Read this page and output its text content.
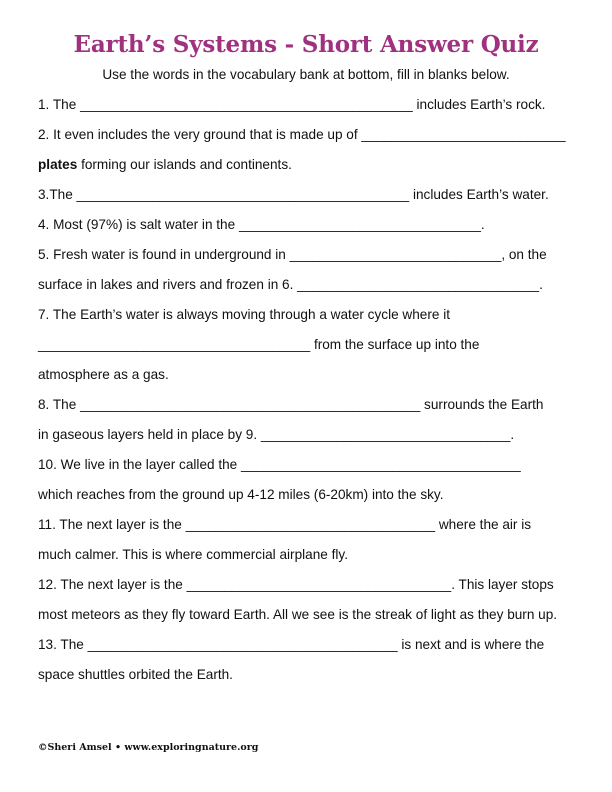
Earth’s Systems - Short Answer Quiz
Use the words in the vocabulary bank at bottom, fill in blanks below.
1. The ____________________________________________ includes Earth’s rock.
2. It even includes the very ground that is made up of ___________________________
plates forming our islands and continents.
3.The ____________________________________________ includes Earth’s water.
4. Most (97%) is salt water in the ________________________________.
5. Fresh water is found in underground in ____________________________, on the
surface in lakes and rivers and frozen in 6. ________________________________.
7. The Earth’s water is always moving through a water cycle where it
____________________________________ from the surface up into the
atmosphere as a gas.
8. The _____________________________________________ surrounds the Earth
in gaseous layers held in place by 9. _________________________________.
10. We live in the layer called the _____________________________________
which reaches from the ground up 4-12 miles (6-20km) into the sky.
11. The next layer is the _________________________________ where the air is
much calmer. This is where commercial airplane fly.
12. The next layer is the ___________________________________. This layer stops
most meteors as they fly toward Earth. All we see is the streak of light as they burn up.
13. The _________________________________________ is next and is where the
space shuttles orbited the Earth.
©Sheri Amsel • www.exploringnature.org
